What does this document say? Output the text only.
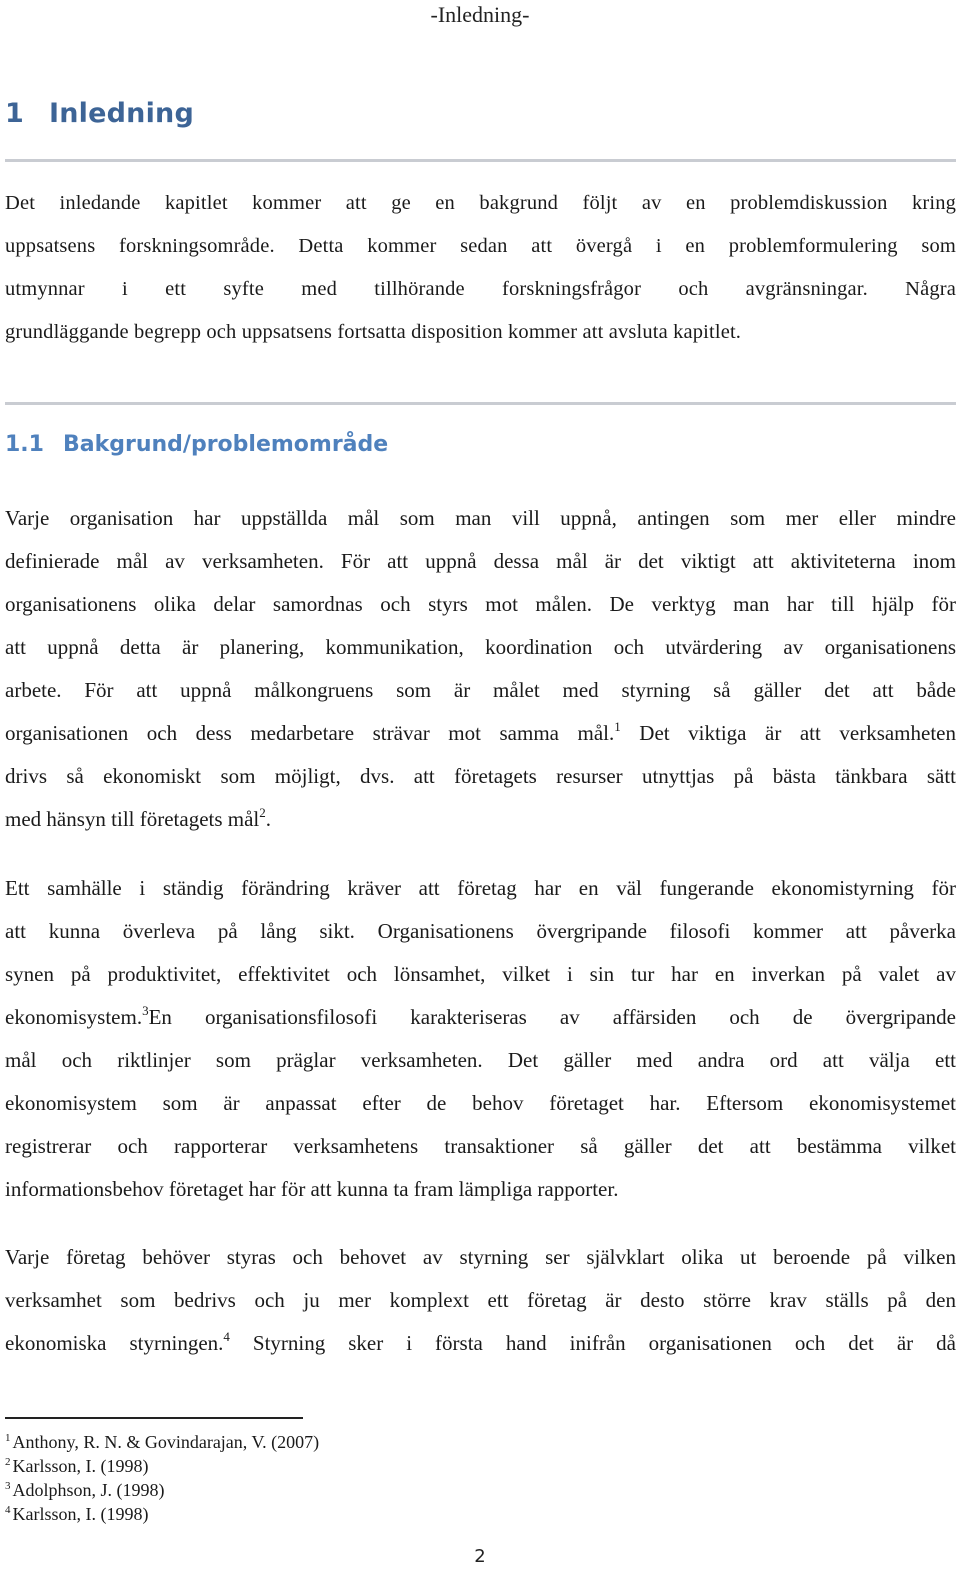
-Inledning-
1 Inledning
Det inledande kapitlet kommer att ge en bakgrund följt av en problemdiskussion kring
uppsatsens forskningsområde. Detta kommer sedan att övergå i en problemformulering som
utmynnar i ett syfte med tillhörande forskningsfrågor och avgränsningar. Några
grundläggande begrepp och uppsatsens fortsatta disposition kommer att avsluta kapitlet.
1.1 Bakgrund/problemområde
Varje organisation har uppställda mål som man vill uppnå, antingen som mer eller mindre
definierade mål av verksamheten. För att uppnå dessa mål är det viktigt att aktiviteterna inom
organisationens olika delar samordnas och styrs mot målen. De verktyg man har till hjälp för
att uppnå detta är planering, kommunikation, koordination och utvärdering av organisationens
arbete. För att uppnå målkongruens som är målet med styrning så gäller det att både
organisationen och dess medarbetare strävar mot samma mål.$^1$ Det viktiga är att verksamheten
drivs så ekonomiskt som möjligt, dvs. att företagets resurser utnyttjas på bästa tänkbara sätt
med hänsyn till företagets mål$^2$.
Ett samhälle i ständig förändring kräver att företag har en väl fungerande ekonomistyrning för
att kunna överleva på lång sikt. Organisationens övergripande filosofi kommer att påverka
synen på produktivitet, effektivitet och lönsamhet, vilket i sin tur har en inverkan på valet av
ekonomisystem.$^3$En organisationsfilosofi karakteriseras av affärsiden och de övergripande
mål och riktlinjer som präglar verksamheten. Det gäller med andra ord att välja ett
ekonomisystem som är anpassat efter de behov företaget har. Eftersom ekonomisystemet
registrerar och rapporterar verksamhetens transaktioner så gäller det att bestämma vilket
informationsbehov företaget har för att kunna ta fram lämpliga rapporter.
Varje företag behöver styras och behovet av styrning ser självklart olika ut beroende på vilken
verksamhet som bedrivs och ju mer komplext ett företag är desto större krav ställs på den
ekonomiska styrningen.$^4$ Styrning sker i första hand inifrån organisationen och det är då
$^1$ Anthony, R. N. & Govindarajan, V. (2007)
$^2$ Karlsson, I. (1998)
$^3$ Adolphson, J. (1998)
$^4$ Karlsson, I. (1998)
2
